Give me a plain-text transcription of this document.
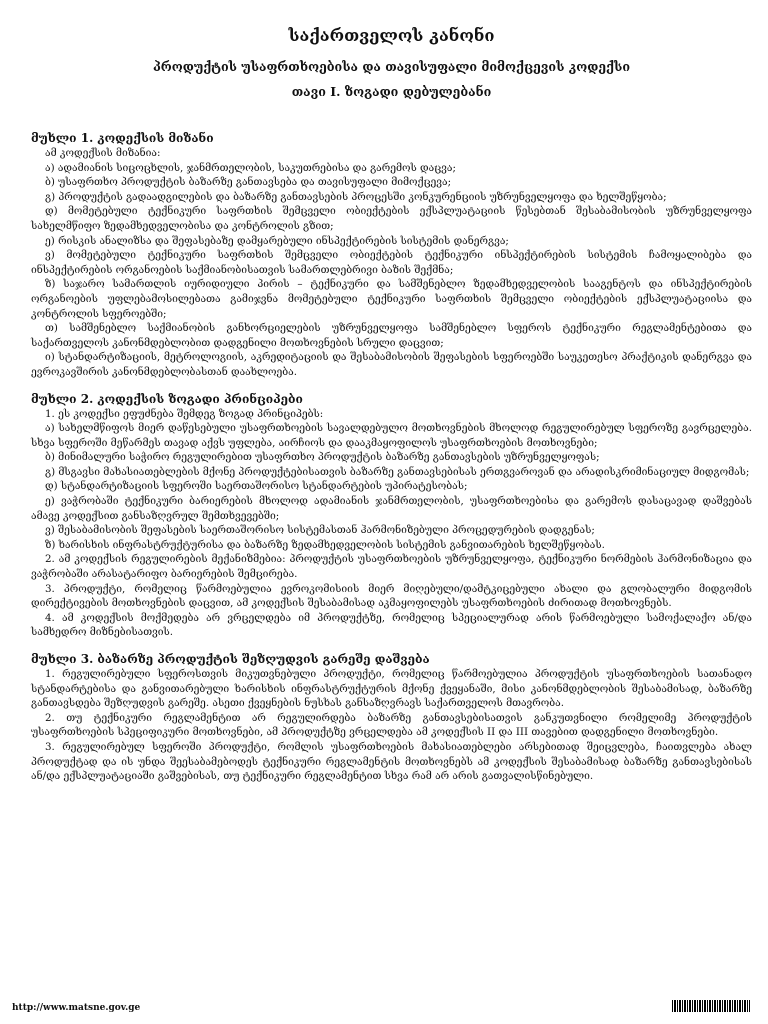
საქართველოს კანონი
პროდუქტის უსაფრთხოებისა და თავისუფალი მიმოქცევის კოდექსი
თავი I. ზოგადი დებულებანი
მუხლი 1. კოდექსის მიზანი
ამ კოდექსის მიზანია:
ა) ადამიანის სიცოცხლის, ჯანმრთელობის, საკუთრებისა და გარემოს დაცვა;
ბ) უსაფრთხო პროდუქტის ბაზარზე განთავსება და თავისუფალი მიმოქცევა;
გ) პროდუქტის გადაადგილების და ბაზარზე განთავსების პროცესში კონკურენციის უზრუნველყოფა და ხელშეწყობა;
დ) მომეტებული ტექნიკური საფრთხის შემცველი ობიექტების ექსპლუატაციის წესებთან შესაბამისობის უზრუნველყოფა სახელმწიფო ზედამხედველობისა და კონტროლის გზით;
ე) რისკის ანალიზსა და შეფასებაზე დამყარებული ინსპექტირების სისტემის დანერგვა;
ვ) მომეტებული ტექნიკური საფრთხის შემცველი ობიექტების ტექნიკური ინსპექტირების სისტემის ჩამოყალიბება და ინსპექტირების ორგანოების საქმიანობისათვის სამართლებრივი ბაზის შექმნა;
ზ) საჯარო სამართლის იურიდიული პირის – ტექნიკური და სამშენებლო ზედამხედველობის სააგენტოს და ინსპექტირების ორგანოების უფლებამოსილებათა გამიჯვნა მომეტებული ტექნიკური საფრთხის შემცველი ობიექტების ექსპლუატაციისა და კონტროლის სფეროებში;
თ) სამშენებლო საქმიანობის განხორციელების უზრუნველყოფა სამშენებლო სფეროს ტექნიკური რეგლამენტებითა და საქართველოს კანონმდებლობით დადგენილი მოთხოვნების სრული დაცვით;
ი) სტანდარტიზაციის, მეტროლოგიის, აკრედიტაციის და შესაბამისობის შეფასების სფეროებში საუკეთესო პრაქტიკის დანერგვა და ევროკავშირის კანონმდებლობასთან დაახლოება.
მუხლი 2. კოდექსის ზოგადი პრინციპები
1. ეს კოდექსი ეფუძნება შემდეგ ზოგად პრინციპებს:
ა) სახელმწიფოს მიერ დაწესებული უსაფრთხოების სავალდებულო მოთხოვნების მხოლოდ რეგულირებულ სფეროზე გავრცელება. სხვა სფეროში მეწარმეს თავად აქვს უფლება, აირჩიოს და დააკმაყოფილოს უსაფრთხოების მოთხოვნები;
ბ) მინიმალური საჭირო რეგულირებით უსაფრთხო პროდუქტის ბაზარზე განთავსების უზრუნველყოფას;
გ) მსგავსი მახასიათებლების მქონე პროდუქტებისათვის ბაზარზე განთავსებისას ერთგვაროვან და არადისკრიმინაციულ მიდგომას;
დ) სტანდარტიზაციის სფეროში საერთაშორისო სტანდარტების უპირატესობას;
ე) ვაჭრობაში ტექნიკური ბარიერების მხოლოდ ადამიანის ჯანმრთელობის, უსაფრთხოებისა და გარემოს დასაცავად დაშვებას ამავე კოდექსით განსაზღვრულ შემთხვევებში;
ვ) შესაბამისობის შეფასების საერთაშორისო სისტემასთან ჰარმონიზებული პროცედურების დადგენას;
ზ) ხარისხის ინფრასტრუქტურისა და ბაზარზე ზედამხედველობის სისტემის განვითარების ხელშეწყობას.
2. ამ კოდექსის რეგულირების მექანიზმებია: პროდუქტის უსაფრთხოების უზრუნველყოფა, ტექნიკური ნორმების ჰარმონიზაცია და ვაჭრობაში არასატარიფო ბარიერების შემცირება.
3. პროდუქტი, რომელიც წარმოებულია ევროკომისიის მიერ მიღებული/დამტკიცებული ახალი და გლობალური მიდგომის დირექტივების მოთხოვნების დაცვით, ამ კოდექსის შესაბამისად აკმაყოფილებს უსაფრთხოების ძირითად მოთხოვნებს.
4. ამ კოდექსის მოქმედება არ ვრცელდება იმ პროდუქტზე, რომელიც სპეციალურად არის წარმოებული სამოქალაქო ან/და სამხედრო მიზნებისათვის.
მუხლი 3. ბაზარზე პროდუქტის შეზღუდვის გარეშე დაშვება
1. რეგულირებული სფეროსთვის მიკუთვნებული პროდუქტი, რომელიც წარმოებულია პროდუქტის უსაფრთხოების სათანადო სტანდარტებისა და განვითარებული ხარისხის ინფრასტრუქტურის მქონე ქვეყანაში, მისი კანონმდებლობის შესაბამისად, ბაზარზე განთავსდება შეზღუდვის გარეშე. ასეთი ქვეყნების ნუსხას განსაზღვრავს საქართველოს მთავრობა.
2. თუ ტექნიკური რეგლამენტით არ რეგულირდება ბაზარზე განთავსებისათვის განკუთვნილი რომელიმე პროდუქტის უსაფრთხოების სპეციფიკური მოთხოვნები, ამ პროდუქტზე ვრცელდება ამ კოდექსის II და III თავებით დადგენილი მოთხოვნები.
3. რეგულირებულ სფეროში პროდუქტი, რომლის უსაფრთხოების მახასიათებლები არსებითად შეიცვლება, ჩაითვლება ახალ პროდუქტად და ის უნდა შეესაბამებოდეს ტექნიკური რეგლამენტის მოთხოვნებს ამ კოდექსის შესაბამისად ბაზარზე განთავსებისას ან/და ექსპლუატაციაში გაშვებისას, თუ ტექნიკური რეგლამენტით სხვა რამ არ არის გათვალისწინებული.
http://www.matsne.gov.ge
